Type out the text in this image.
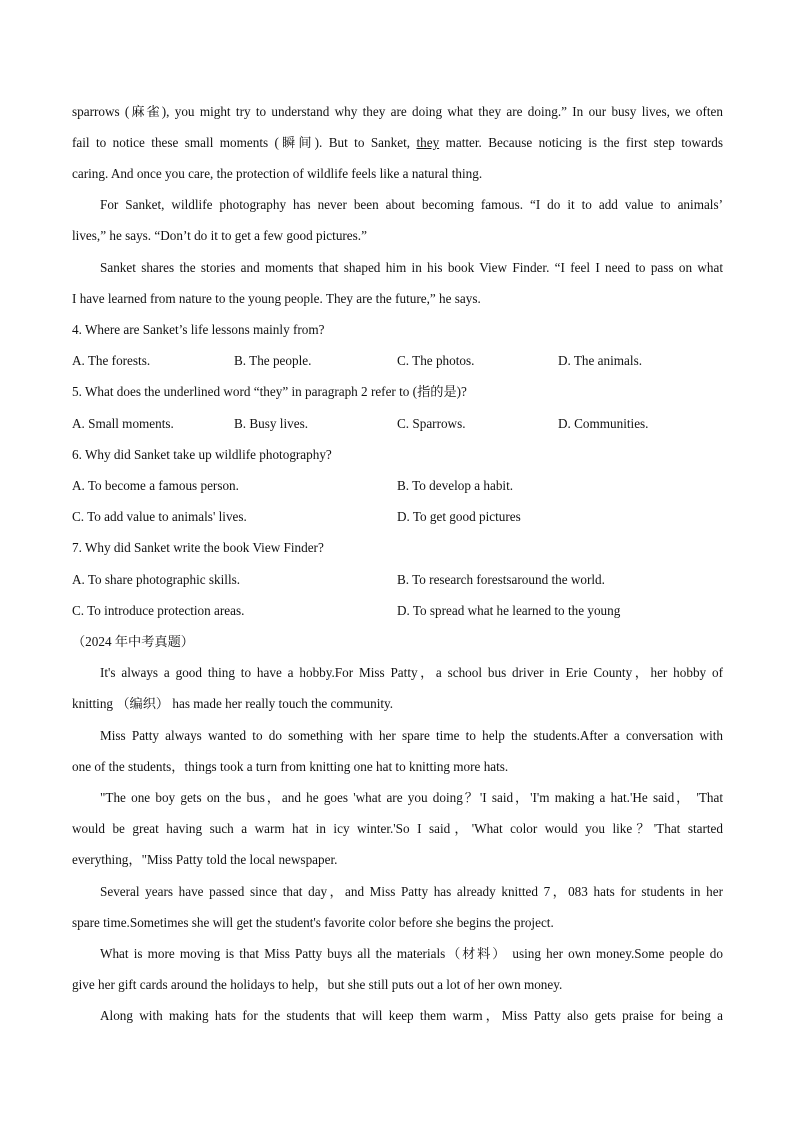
sparrows (麻雀), you might try to understand why they are doing what they are doing.” In our busy lives, we often
fail to notice these small moments (瞬间). But to Sanket, they matter. Because noticing is the first step towards
caring. And once you care, the protection of wildlife feels like a natural thing.
For Sanket, wildlife photography has never been about becoming famous. “I do it to add value to animals’
lives,” he says. “Don’t do it to get a few good pictures.”
Sanket shares the stories and moments that shaped him in his book View Finder. “I feel I need to pass on what
I have learned from nature to the young people. They are the future,” he says.
4. Where are Sanket’s life lessons mainly from?
A. The forests.	B. The people.	C. The photos.	D. The animals.
5. What does the underlined word “they” in paragraph 2 refer to (指的是)?
A. Small moments.	B. Busy lives.	C. Sparrows.	D. Communities.
6. Why did Sanket take up wildlife photography?
A. To become a famous person.	B. To develop a habit.
C. To add value to animals' lives.	D. To get good pictures
7. Why did Sanket write the book View Finder?
A. To share photographic skills.	B. To research forestsaround the world.
C. To introduce protection areas.	D. To spread what he learned to the young
（2024 年中考真题）
It's always a good thing to have a hobby.For Miss Patty，a school bus driver in Erie County，her hobby of
knitting （编织） has made her really touch the community.
Miss Patty always wanted to do something with her spare time to help the students.After a conversation with
one of the students，things took a turn from knitting one hat to knitting more hats.
"The one boy gets on the bus，and he goes 'what are you doing？'I said，'I'm making a hat.'He said， 'That
would be great having such a warm hat in icy winter.'So I said，'What color would you like？'That started
everything，"Miss Patty told the local newspaper.
Several years have passed since that day，and Miss Patty has already knitted 7，083 hats for students in her
spare time.Sometimes she will get the student's favorite color before she begins the project.
What is more moving is that Miss Patty buys all the materials（材料） using her own money.Some people do
give her gift cards around the holidays to help，but she still puts out a lot of her own money.
Along with making hats for the students that will keep them warm，Miss Patty also gets praise for being a
